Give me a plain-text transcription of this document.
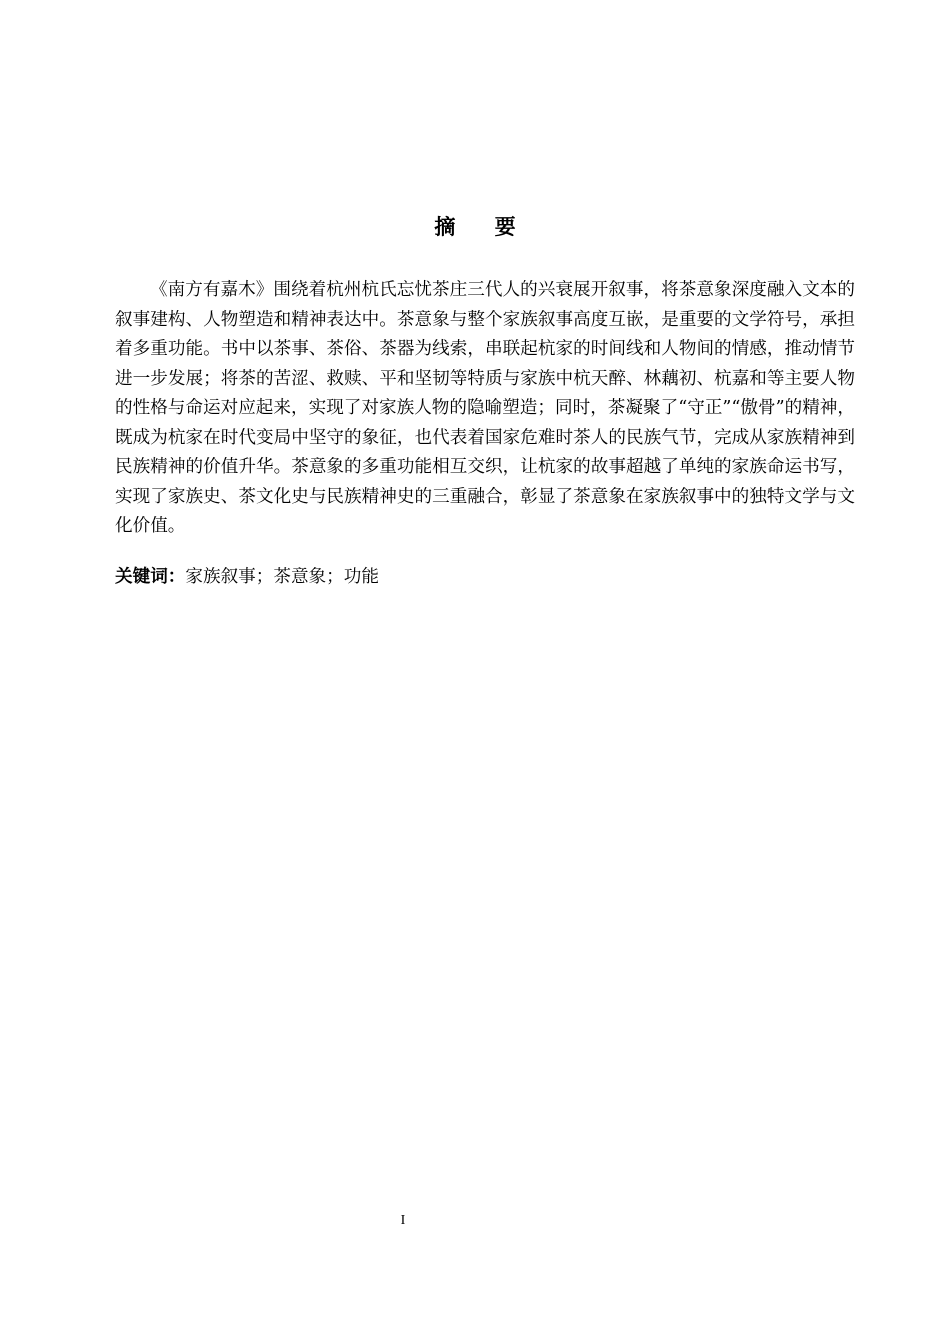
摘 要

《南方有嘉木》围绕着杭州杭氏忘忧茶庄三代人的兴衰展开叙事，将茶意象深度融入文本的叙事建构、人物塑造和精神表达中。茶意象与整个家族叙事高度互嵌，是重要的文学符号，承担着多重功能。书中以茶事、茶俗、茶器为线索，串联起杭家的时间线和人物间的情感，推动情节进一步发展；将茶的苦涩、救赎、平和坚韧等特质与家族中杭天醉、林藕初、杭嘉和等主要人物的性格与命运对应起来，实现了对家族人物的隐喻塑造；同时，茶凝聚了“守正”“傲骨”的精神，既成为杭家在时代变局中坚守的象征，也代表着国家危难时茶人的民族气节，完成从家族精神到民族精神的价值升华。茶意象的多重功能相互交织，让杭家的故事超越了单纯的家族命运书写，实现了家族史、茶文化史与民族精神史的三重融合，彰显了茶意象在家族叙事中的独特文学与文化价值。

关键词：家族叙事；茶意象；功能

I
